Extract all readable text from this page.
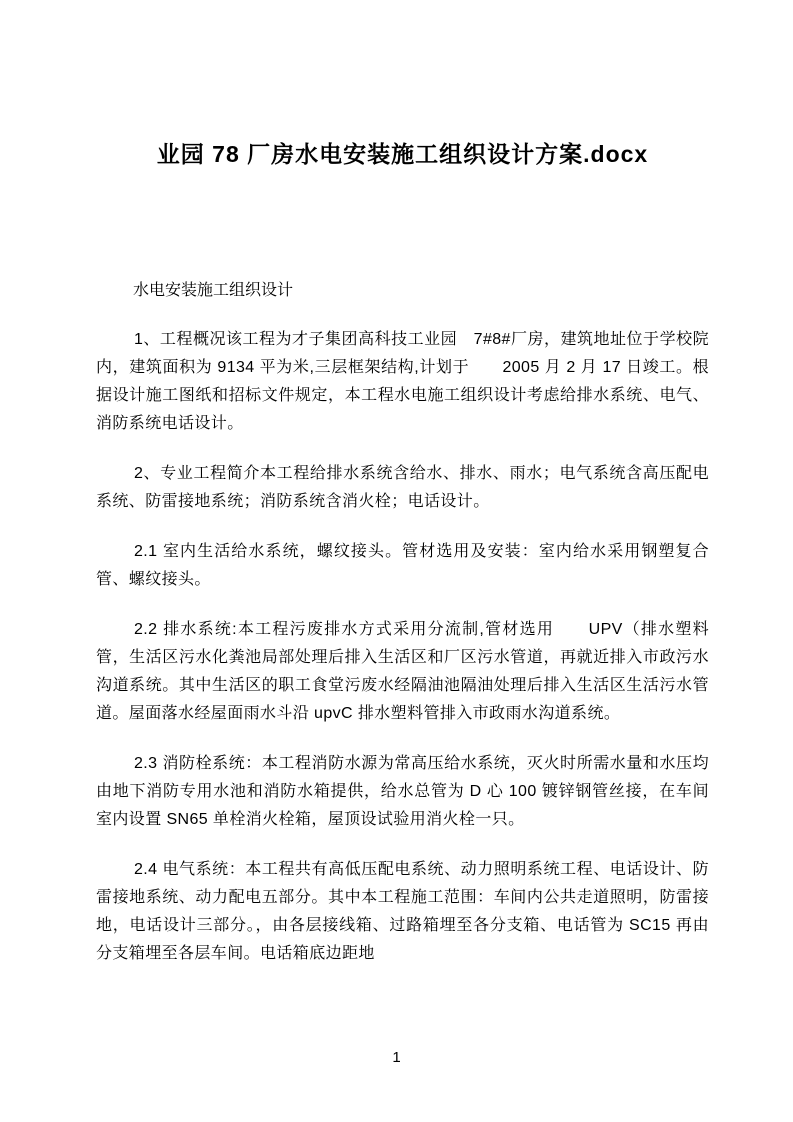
业园 78 厂房水电安装施工组织设计方案.docx
水电安装施工组织设计

1、工程概况该工程为才子集团高科技工业园　7#8#厂房，建筑地址位于学校院内，建筑面积为 9134 平为米,三层框架结构,计划于　　2005 月 2 月 17 日竣工。根据设计施工图纸和招标文件规定，本工程水电施工组织设计考虑给排水系统、电气、消防系统电话设计。

2、专业工程简介本工程给排水系统含给水、排水、雨水；电气系统含高压配电系统、防雷接地系统；消防系统含消火栓；电话设计。

2.1 室内生活给水系统，螺纹接头。管材选用及安装：室内给水采用钢塑复合管、螺纹接头。

2.2 排水系统:本工程污废排水方式采用分流制,管材选用　　UPV（排水塑料管，生活区污水化粪池局部处理后排入生活区和厂区污水管道，再就近排入市政污水沟道系统。其中生活区的职工食堂污废水经隔油池隔油处理后排入生活区生活污水管道。屋面落水经屋面雨水斗沿 upvC 排水塑料管排入市政雨水沟道系统。

2.3 消防栓系统：本工程消防水源为常高压给水系统，灭火时所需水量和水压均由地下消防专用水池和消防水箱提供，给水总管为 D 心 100 镀锌钢管丝接，在车间室内设置 SN65 单栓消火栓箱，屋顶设试验用消火栓一只。

2.4 电气系统：本工程共有高低压配电系统、动力照明系统工程、电话设计、防雷接地系统、动力配电五部分。其中本工程施工范围：车间内公共走道照明，防雷接地，电话设计三部分。，由各层接线箱、过路箱埋至各分支箱、电话管为 SC15 再由分支箱埋至各层车间。电话箱底边距地

1
